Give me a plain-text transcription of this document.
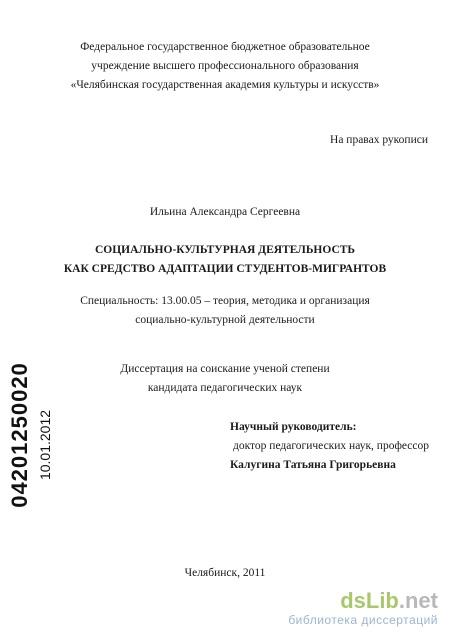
Федеральное государственное бюджетное образовательное
учреждение высшего профессионального образования
«Челябинская государственная академия культуры и искусств»
На правах рукописи
Ильина Александра Сергеевна
СОЦИАЛЬНО-КУЛЬТУРНАЯ ДЕЯТЕЛЬНОСТЬ
КАК СРЕДСТВО АДАПТАЦИИ СТУДЕНТОВ-МИГРАНТОВ
Специальность: 13.00.05 – теория, методика и организация
социально-культурной деятельности
Диссертация на соискание ученой степени
кандидата педагогических наук
Научный руководитель:
доктор педагогических наук, профессор
Калугина Татьяна Григорьевна
Челябинск, 2011
04201250020 10.01.2012
dsLib.net
библиотека диссертаций
